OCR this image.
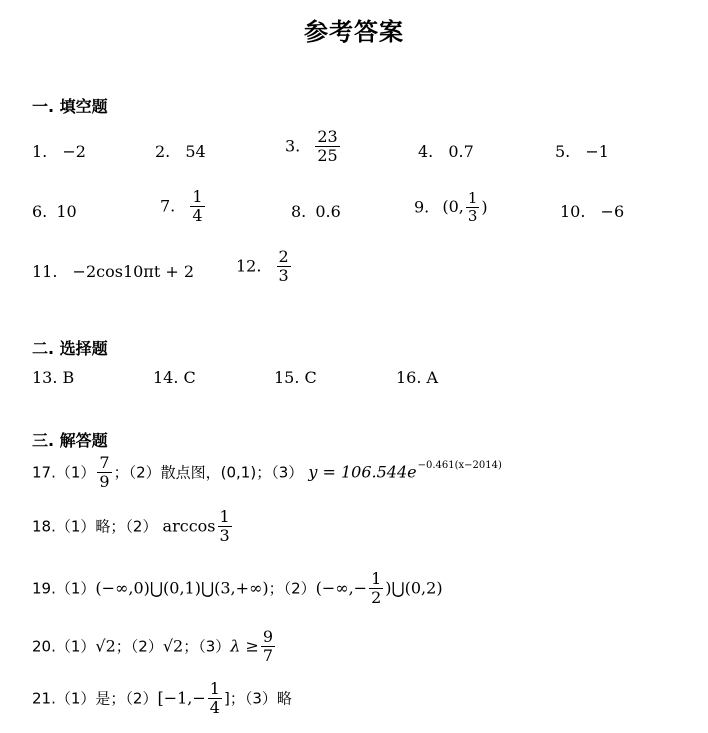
参考答案
一. 填空题
1. −2	2. 54	3. $\frac{23}{25}$	4. 0.7	5. −1
6. 10	7. $\frac{1}{4}$	8. 0.6	9. (0, $\frac{1}{3}$ )	10. −6
11. −2cos10πt + 2	12. $\frac{2}{3}$
二. 选择题
13. B	14. C	15. C	16. A
三. 解答题
$17.(1) \frac{7}{9}$ ；（2）散点图，(0,1)；（3） $y = 106.544e^{-0.461(x-2014)}$
18.（1）略；（2） $\arccos \frac{1}{3}$
19.（1）(−∞,0)⋃(0,1)⋃(3,+∞)；$(2)(-\infty,- \frac{1}{2}$ )⋃(0,2)
20.（1）√2；（2）√2；$(3)\lambda \ge \frac{9}{7}$
21.（1）是；$(2)[-1,- \frac{1}{4}$ ]；（3）略
